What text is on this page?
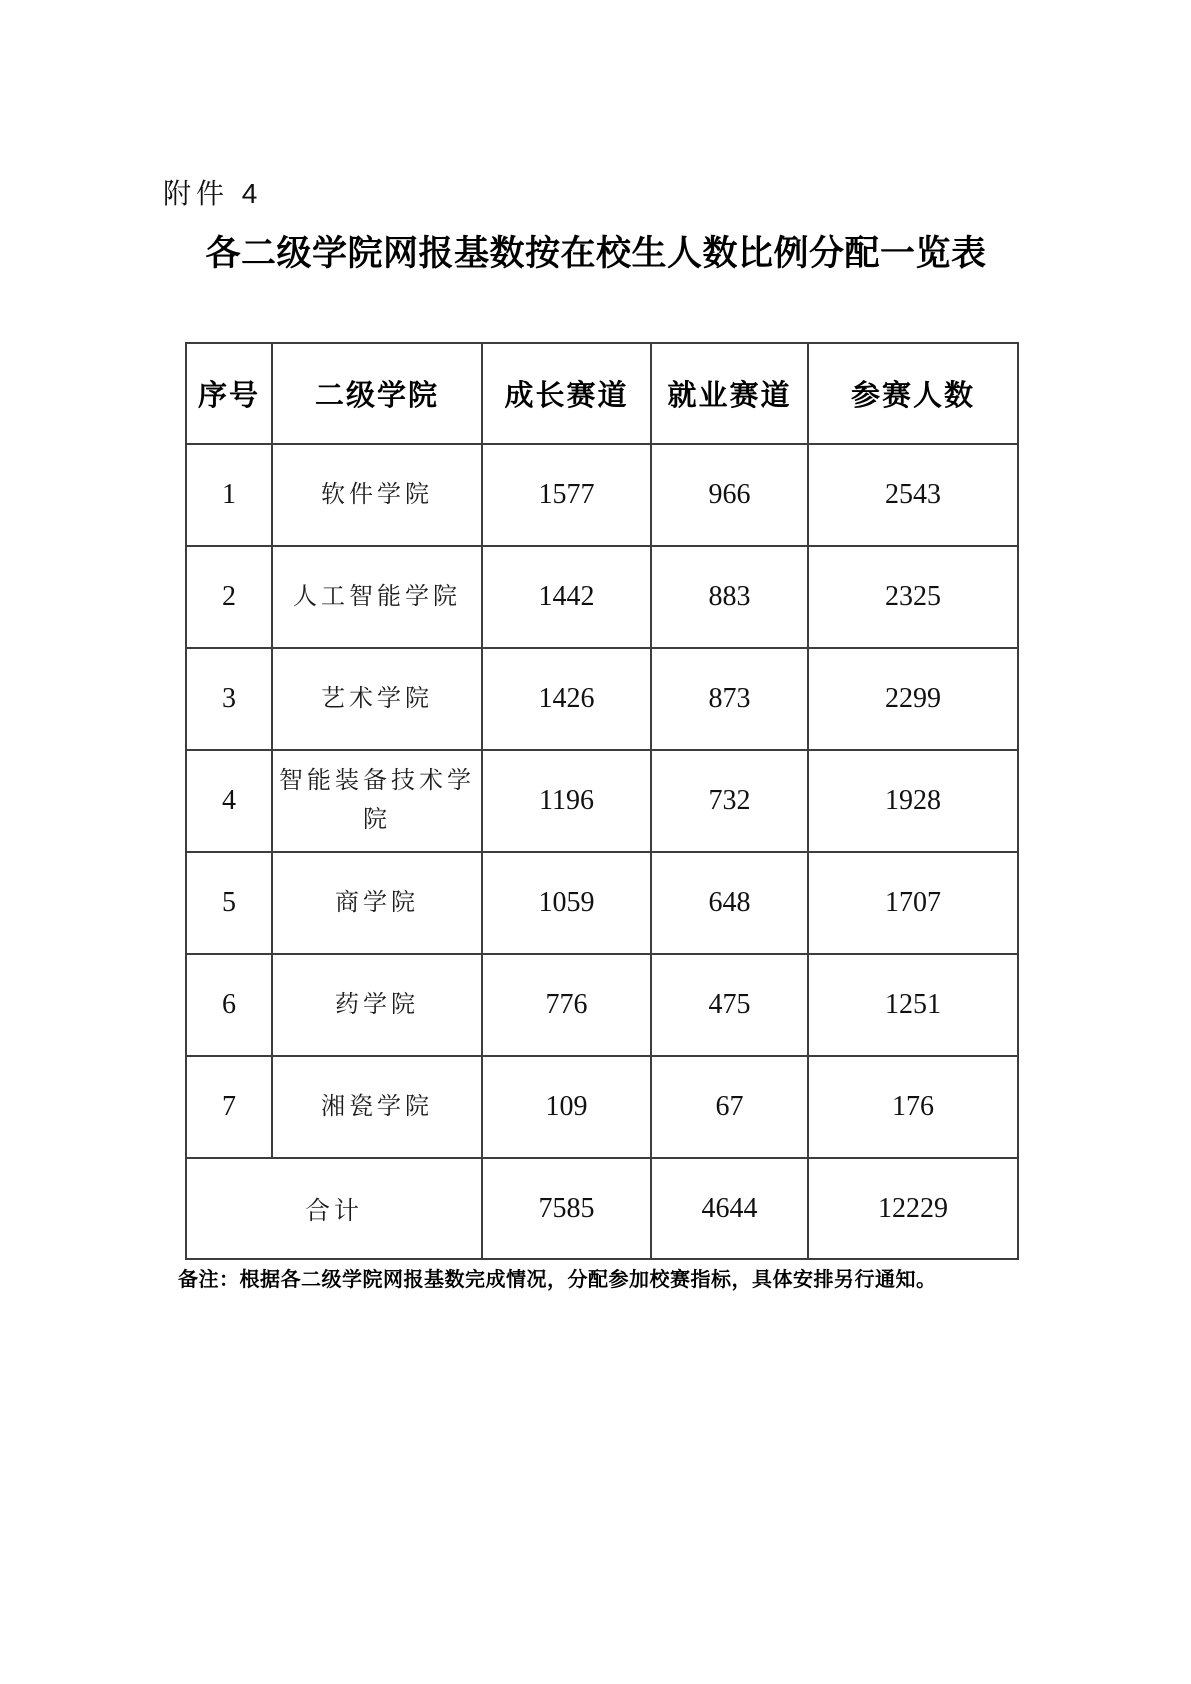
附件 4
各二级学院网报基数按在校生人数比例分配一览表
序号	二级学院	成长赛道	就业赛道	参赛人数
1	软件学院	1577	966	2543
2	人工智能学院	1442	883	2325
3	艺术学院	1426	873	2299
4	智能装备技术学院	1196	732	1928
5	商学院	1059	648	1707
6	药学院	776	475	1251
7	湘瓷学院	109	67	176
合计		7585	4644	12229
备注：根据各二级学院网报基数完成情况，分配参加校赛指标，具体安排另行通知。
